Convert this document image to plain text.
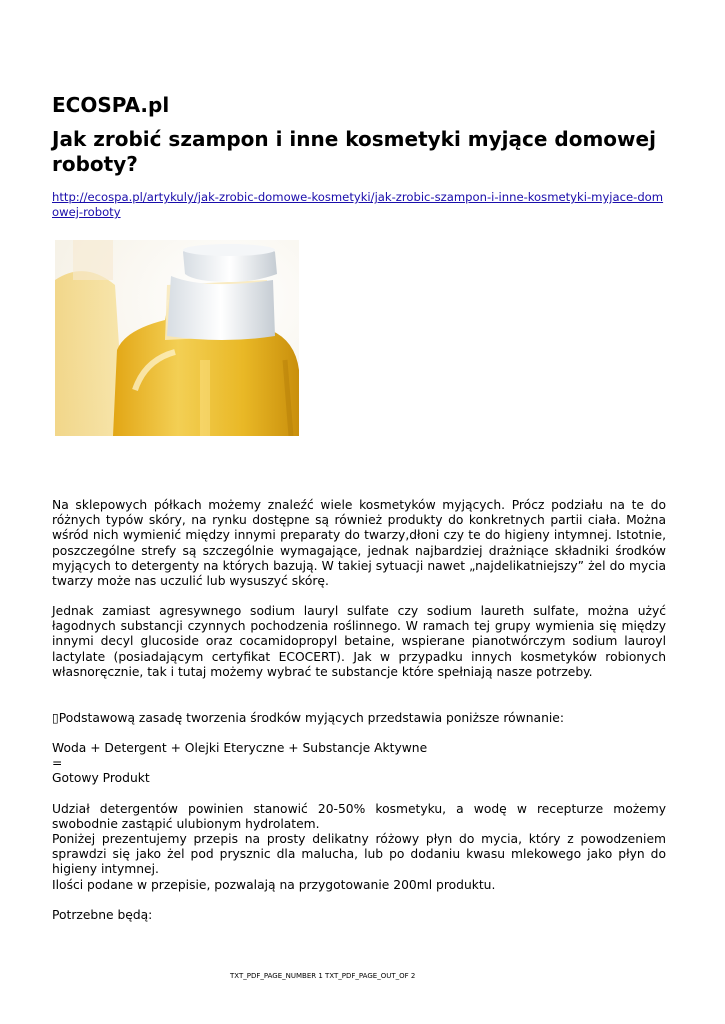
ECOSPA.pl
Jak zrobić szampon i inne kosmetyki myjące domowej roboty?
http://ecospa.pl/artykuly/jak-zrobic-domowe-kosmetyki/jak-zrobic-szampon-i-inne-kosmetyki-myjace-domowej-roboty

Na sklepowych półkach możemy znaleźć wiele kosmetyków myjących. Prócz podziału na te do różnych typów skóry, na rynku dostępne są również produkty do konkretnych partii ciała. Można wśród nich wymienić między innymi preparaty do twarzy,dłoni czy te do higieny intymnej. Istotnie, poszczególne strefy są szczególnie wymagające, jednak najbardziej drażniące składniki środków myjących to detergenty na których bazują. W takiej sytuacji nawet „najdelikatniejszy” żel do mycia twarzy może nas uczulić lub wysuszyć skórę.

Jednak zamiast agresywnego sodium lauryl sulfate czy sodium laureth sulfate, można użyć łagodnych substancji czynnych pochodzenia roślinnego. W ramach tej grupy wymienia się między innymi decyl glucoside oraz cocamidopropyl betaine, wspierane pianotwórczym sodium lauroyl lactylate (posiadającym certyfikat ECOCERT). Jak w przypadku innych kosmetyków robionych własnoręcznie, tak i tutaj możemy wybrać te substancje które spełniają nasze potrzeby.

▯Podstawową zasadę tworzenia środków myjących przedstawia poniższe równanie:

Woda + Detergent + Olejki Eteryczne + Substancje Aktywne

=

Gotowy Produkt

Udział detergentów powinien stanowić 20-50% kosmetyku, a wodę w recepturze możemy swobodnie zastąpić ulubionym hydrolatem.

Poniżej prezentujemy przepis na prosty delikatny różowy płyn do mycia, który z powodzeniem sprawdzi się jako żel pod prysznic dla malucha, lub po dodaniu kwasu mlekowego jako płyn do higieny intymnej.

Ilości podane w przepisie, pozwalają na przygotowanie 200ml produktu.

Potrzebne będą:

TXT_PDF_PAGE_NUMBER 1 TXT_PDF_PAGE_OUT_OF 2
